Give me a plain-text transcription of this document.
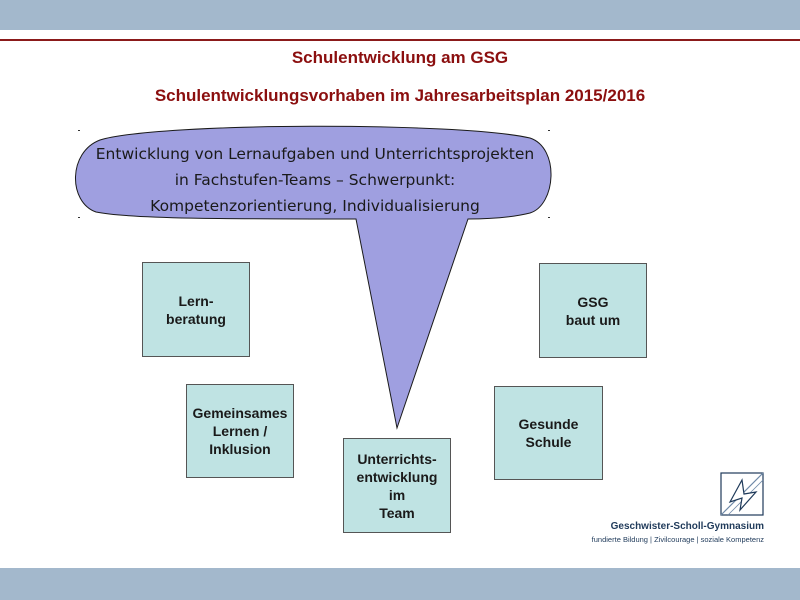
Schulentwicklung am GSG
Schulentwicklungsvorhaben im Jahresarbeitsplan 2015/2016
Entwicklung von Lernaufgaben und Unterrichtsprojekten
in Fachstufen-Teams – Schwerpunkt:
Kompetenzorientierung, Individualisierung
Lern-
beratung
GSG
baut um
Gemeinsames
Lernen /
Inklusion
Gesunde
Schule
Unterrichts-
entwicklung
im
Team
Geschwister-Scholl-Gymnasium
fundierte Bildung | Zivilcourage | soziale Kompetenz
